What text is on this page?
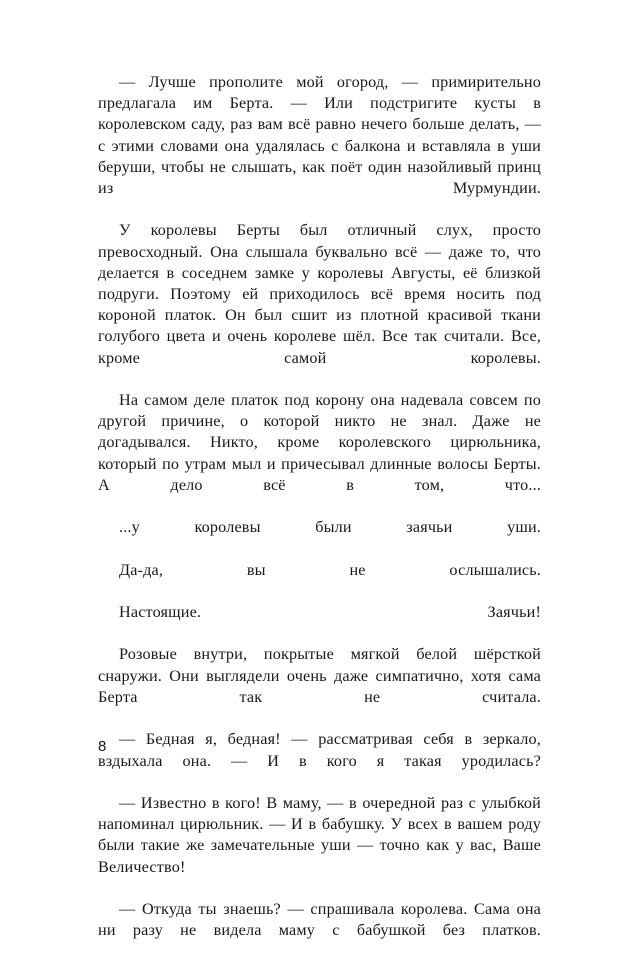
— Лучше прополите мой огород, — примирительно предлагала им Берта. — Или подстригите кусты в королевском саду, раз вам всё равно нечего больше делать, — с этими словами она удалялась с балкона и вставляла в уши беруши, чтобы не слышать, как поёт один назойливый принц из Мурмундии.

У королевы Берты был отличный слух, просто превосходный. Она слышала буквально всё — даже то, что делается в соседнем замке у королевы Августы, её близкой подруги. Поэтому ей приходилось всё время носить под короной платок. Он был сшит из плотной красивой ткани голубого цвета и очень королеве шёл. Все так считали. Все, кроме самой королевы.

На самом деле платок под корону она надевала совсем по другой причине, о которой никто не знал. Даже не догадывался. Никто, кроме королевского цирюльника, который по утрам мыл и причесывал длинные волосы Берты. А дело всё в том, что...

...у королевы были заячьи уши.

Да-да, вы не ослышались.

Настоящие. Заячьи!

Розовые внутри, покрытые мягкой белой шёрсткой снаружи. Они выглядели очень даже симпатично, хотя сама Берта так не считала.

— Бедная я, бедная! — рассматривая себя в зеркало, вздыхала она. — И в кого я такая уродилась?

— Известно в кого! В маму, — в очередной раз с улыбкой напоминал цирюльник. — И в бабушку. У всех в вашем роду были такие же замечательные уши — точно как у вас, Ваше Величество!

— Откуда ты знаешь? — спрашивала королева. Сама она ни разу не видела маму с бабушкой без платков.

8
